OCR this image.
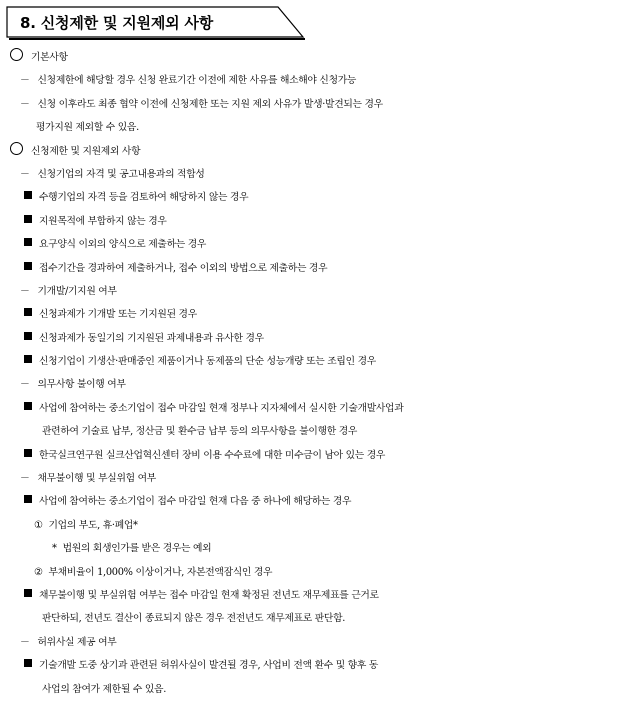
8. 신청제한 및 지원제외 사항
기본사항
－ 신청제한에 해당할 경우 신청 완료기간 이전에 제한 사유를 해소해야 신청가능
－ 신청 이후라도 최종 협약 이전에 신청제한 또는 지원 제외 사유가 발생·발견되는 경우
평가지원 제외할 수 있음.
신청제한 및 지원제외 사항
－ 신청기업의 자격 및 공고내용과의 적합성
수행기업의 자격 등을 검토하여 해당하지 않는 경우
지원목적에 부합하지 않는 경우
요구양식 이외의 양식으로 제출하는 경우
접수기간을 경과하여 제출하거나, 접수 이외의 방법으로 제출하는 경우
－ 기개발/기지원 여부
신청과제가 기개발 또는 기지원된 경우
신청과제가 동일기의 기지원된 과제내용과 유사한 경우
신청기업이 기생산·판매중인 제품이거나 동제품의 단순 성능개량 또는 조립인 경우
－ 의무사항 불이행 여부
사업에 참여하는 중소기업이 접수 마감일 현재 정부나 지자체에서 실시한 기술개발사업과
관련하여 기술료 납부, 정산금 및 환수금 납부 등의 의무사항을 불이행한 경우
한국실크연구원 실크산업혁신센터 장비 이용 수수료에 대한 미수금이 남아 있는 경우
－ 채무불이행 및 부실위험 여부
사업에 참여하는 중소기업이 접수 마감일 현재 다음 중 하나에 해당하는 경우
① 기업의 부도, 휴·폐업*
* 법원의 회생인가를 받은 경우는 예외
② 부채비율이 1,000% 이상이거나, 자본전액잠식인 경우
채무불이행 및 부실위험 여부는 접수 마감일 현재 확정된 전년도 재무제표를 근거로
판단하되, 전년도 결산이 종료되지 않은 경우 전전년도 재무제표로 판단함.
－ 허위사실 제공 여부
기술개발 도중 상기과 관련된 허위사실이 발견될 경우, 사업비 전액 환수 및 향후 동
사업의 참여가 제한될 수 있음.
